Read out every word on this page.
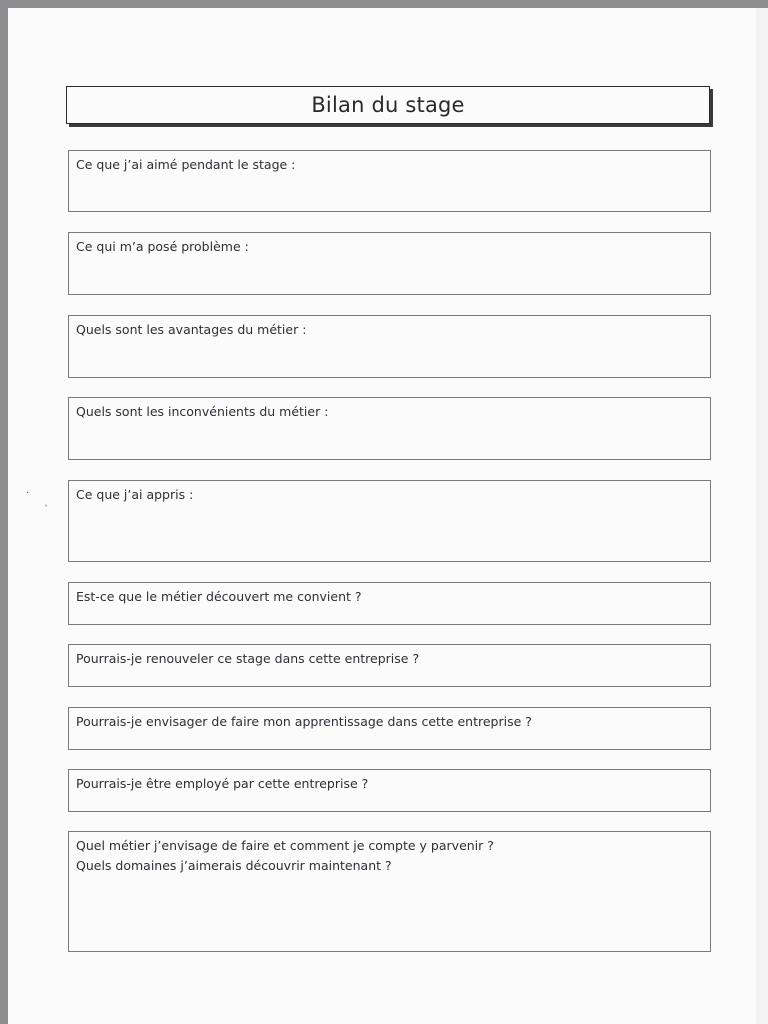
Bilan du stage
Ce que j’ai aimé pendant le stage :
Ce qui m’a posé problème :
Quels sont les avantages du métier :
Quels sont les inconvénients du métier :
Ce que j’ai appris :
Est-ce que le métier découvert me convient ?
Pourrais-je renouveler ce stage dans cette entreprise ?
Pourrais-je envisager de faire mon apprentissage dans cette entreprise ?
Pourrais-je être employé par cette entreprise ?
Quel métier j’envisage de faire et comment je compte y parvenir ?
Quels domaines j’aimerais découvrir maintenant ?
·
ˎ
